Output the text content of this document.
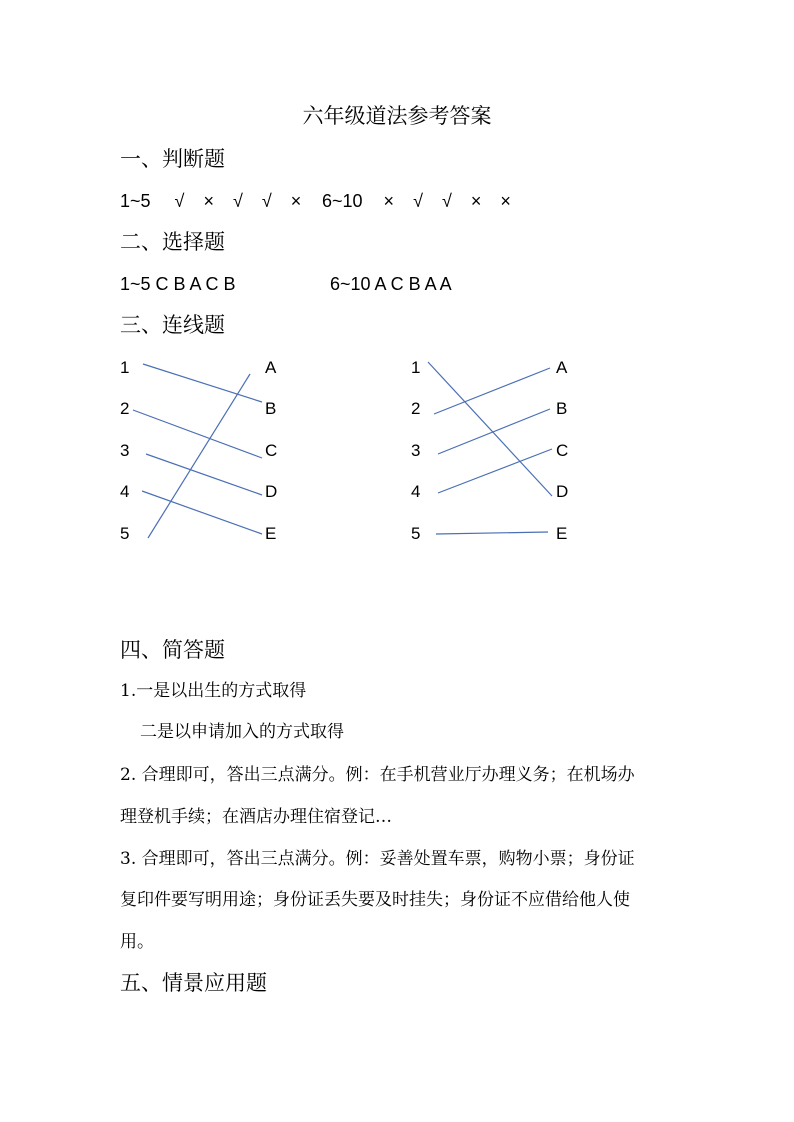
六年级道法参考答案
一、判断题
1~5 √ × √ √ ×	6~10 × √ √ × ×
二、选择题
1~5 C B A C B	6~10 A C B A A
三、连线题
1
2
3
4
5
A
B
C
D
E
1
2
3
4
5
A
B
C
D
E
四、简答题
1.一是以出生的方式取得
二是以申请加入的方式取得
2. 合理即可，答出三点满分。例：在手机营业厅办理义务；在机场办
理登机手续；在酒店办理住宿登记…
3. 合理即可，答出三点满分。例：妥善处置车票，购物小票；身份证
复印件要写明用途；身份证丢失要及时挂失；身份证不应借给他人使
用。
五、情景应用题
